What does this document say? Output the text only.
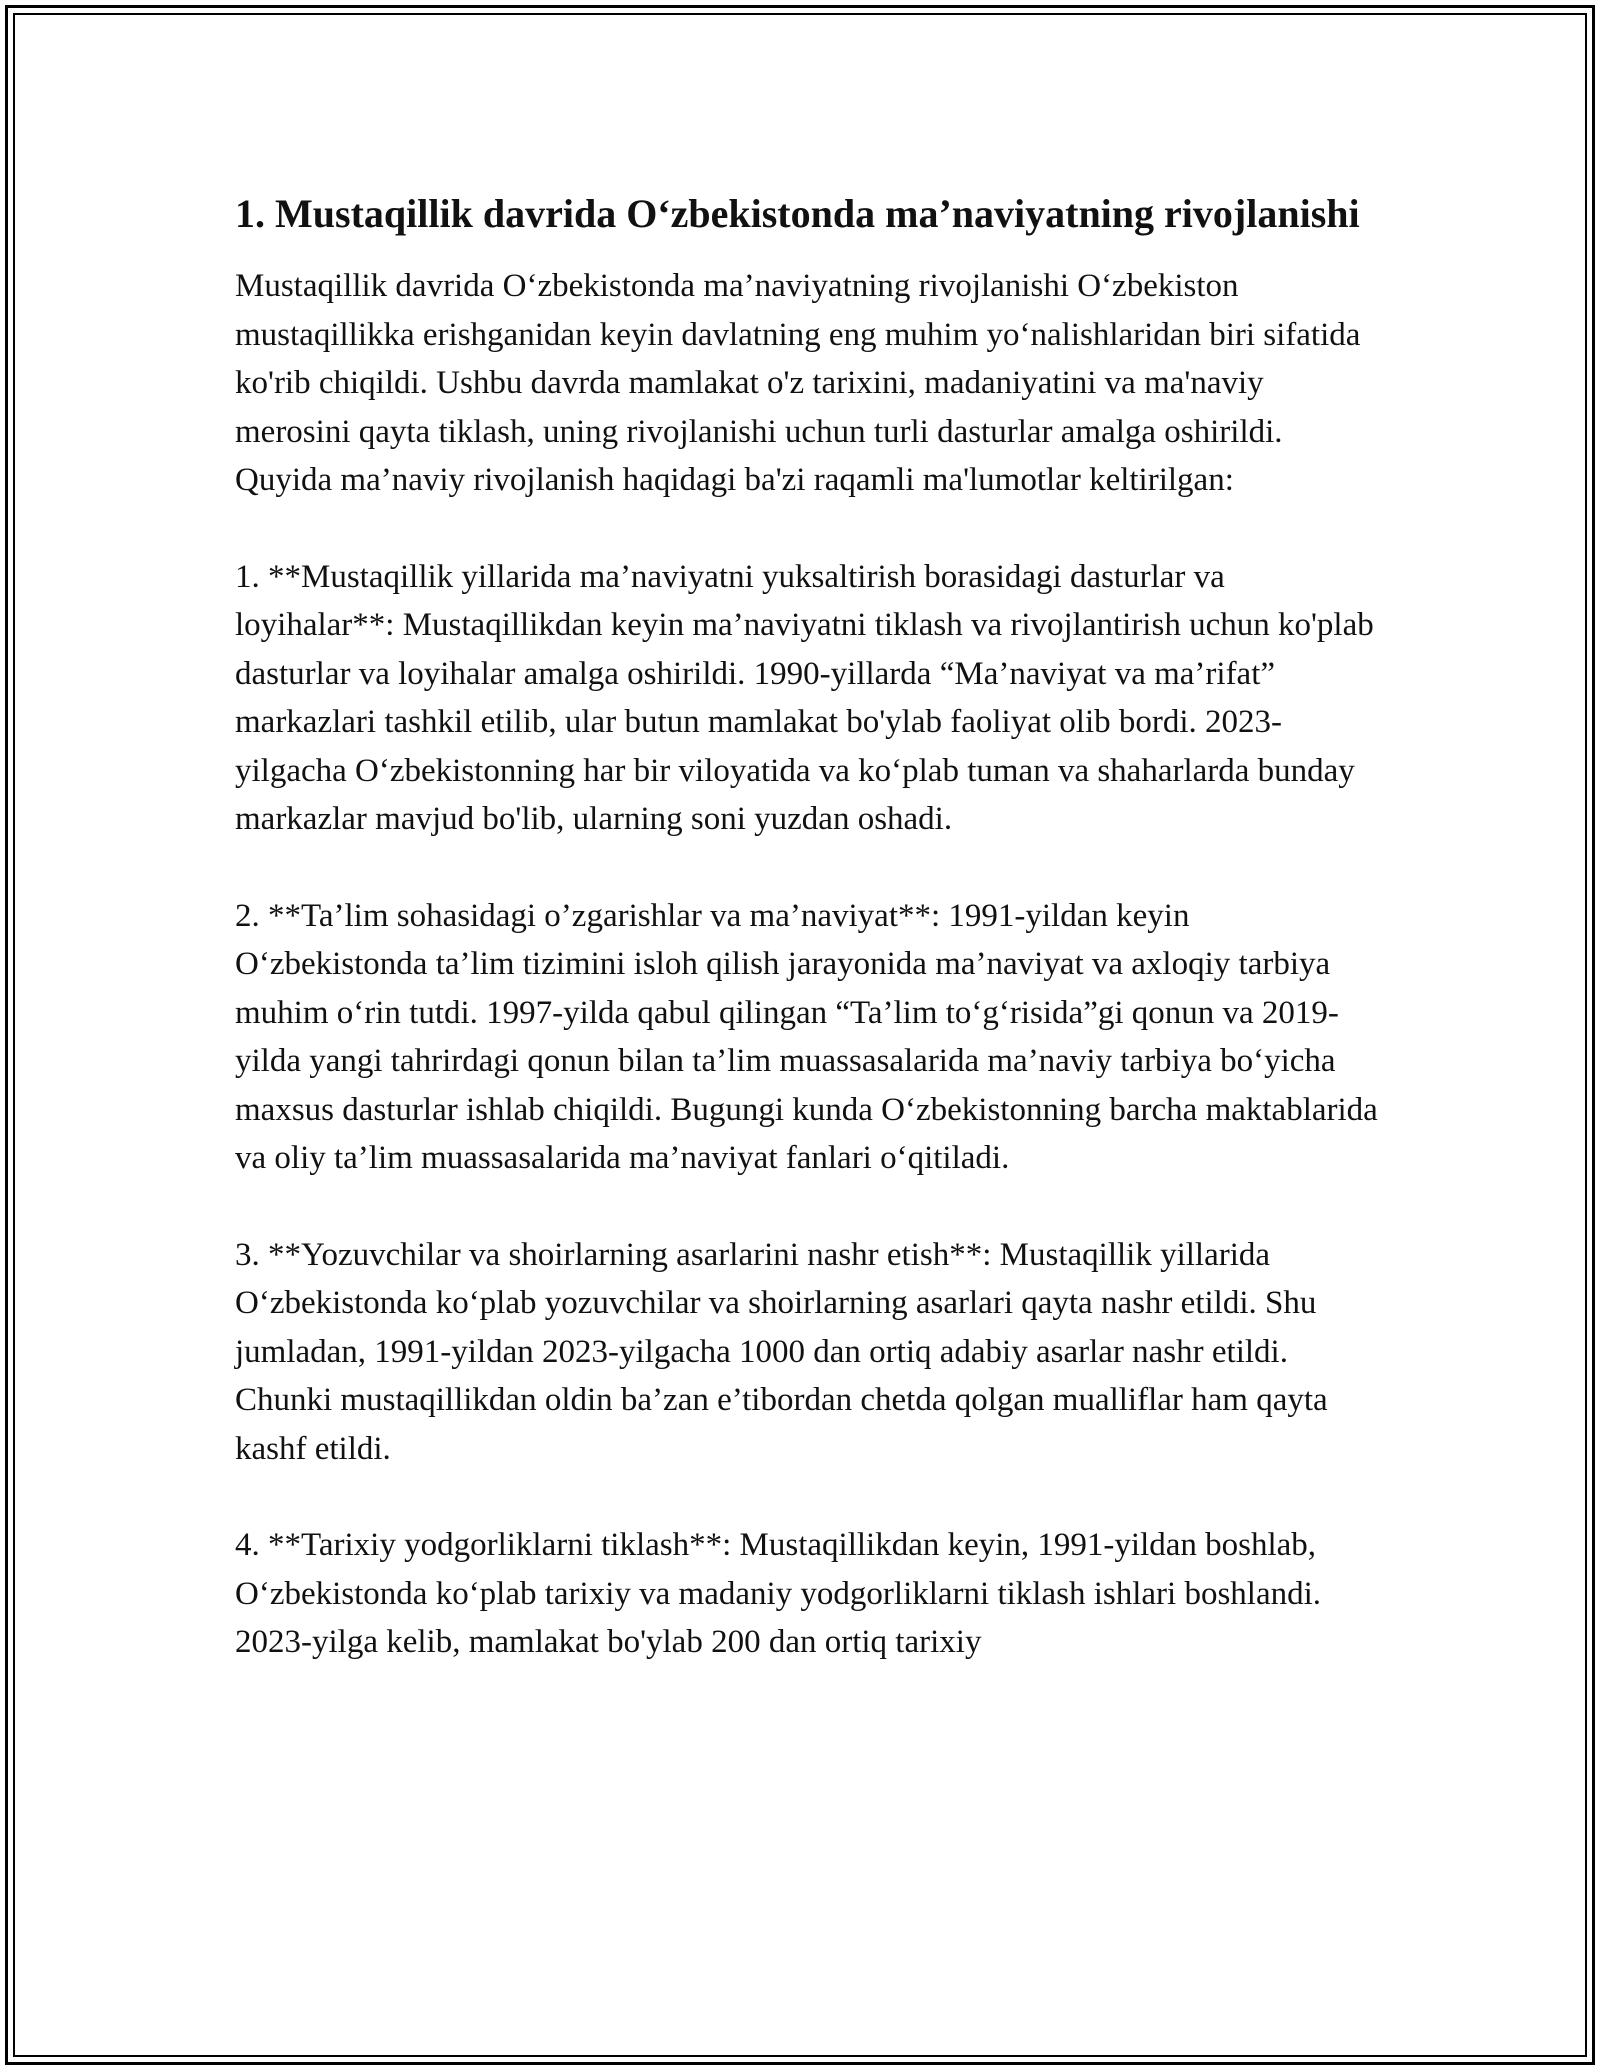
1. Mustaqillik davrida O‘zbekistonda ma’naviyatning rivojlanishi

Mustaqillik davrida O‘zbekistonda ma’naviyatning rivojlanishi O‘zbekiston mustaqillikka erishganidan keyin davlatning eng muhim yo‘nalishlaridan biri sifatida ko'rib chiqildi. Ushbu davrda mamlakat o'z tarixini, madaniyatini va ma'naviy merosini qayta tiklash, uning rivojlanishi uchun turli dasturlar amalga oshirildi. Quyida ma’naviy rivojlanish haqidagi ba'zi raqamli ma'lumotlar keltirilgan:

1. **Mustaqillik yillarida ma’naviyatni yuksaltirish borasidagi dasturlar va loyihalar**: Mustaqillikdan keyin ma’naviyatni tiklash va rivojlantirish uchun ko'plab dasturlar va loyihalar amalga oshirildi. 1990-yillarda “Ma’naviyat va ma’rifat” markazlari tashkil etilib, ular butun mamlakat bo'ylab faoliyat olib bordi. 2023-yilgacha O‘zbekistonning har bir viloyatida va ko‘plab tuman va shaharlarda bunday markazlar mavjud bo'lib, ularning soni yuzdan oshadi.

2. **Ta’lim sohasidagi o’zgarishlar va ma’naviyat**: 1991-yildan keyin O‘zbekistonda ta’lim tizimini isloh qilish jarayonida ma’naviyat va axloqiy tarbiya muhim o‘rin tutdi. 1997-yilda qabul qilingan “Ta’lim to‘g‘risida”gi qonun va 2019-yilda yangi tahrirdagi qonun bilan ta’lim muassasalarida ma’naviy tarbiya bo‘yicha maxsus dasturlar ishlab chiqildi. Bugungi kunda O‘zbekistonning barcha maktablarida va oliy ta’lim muassasalarida ma’naviyat fanlari o‘qitiladi.

3. **Yozuvchilar va shoirlarning asarlarini nashr etish**: Mustaqillik yillarida O‘zbekistonda ko‘plab yozuvchilar va shoirlarning asarlari qayta nashr etildi. Shu jumladan, 1991-yildan 2023-yilgacha 1000 dan ortiq adabiy asarlar nashr etildi. Chunki mustaqillikdan oldin ba’zan e’tibordan chetda qolgan mualliflar ham qayta kashf etildi.

4. **Tarixiy yodgorliklarni tiklash**: Mustaqillikdan keyin, 1991-yildan boshlab, O‘zbekistonda ko‘plab tarixiy va madaniy yodgorliklarni tiklash ishlari boshlandi. 2023-yilga kelib, mamlakat bo'ylab 200 dan ortiq tarixiy
